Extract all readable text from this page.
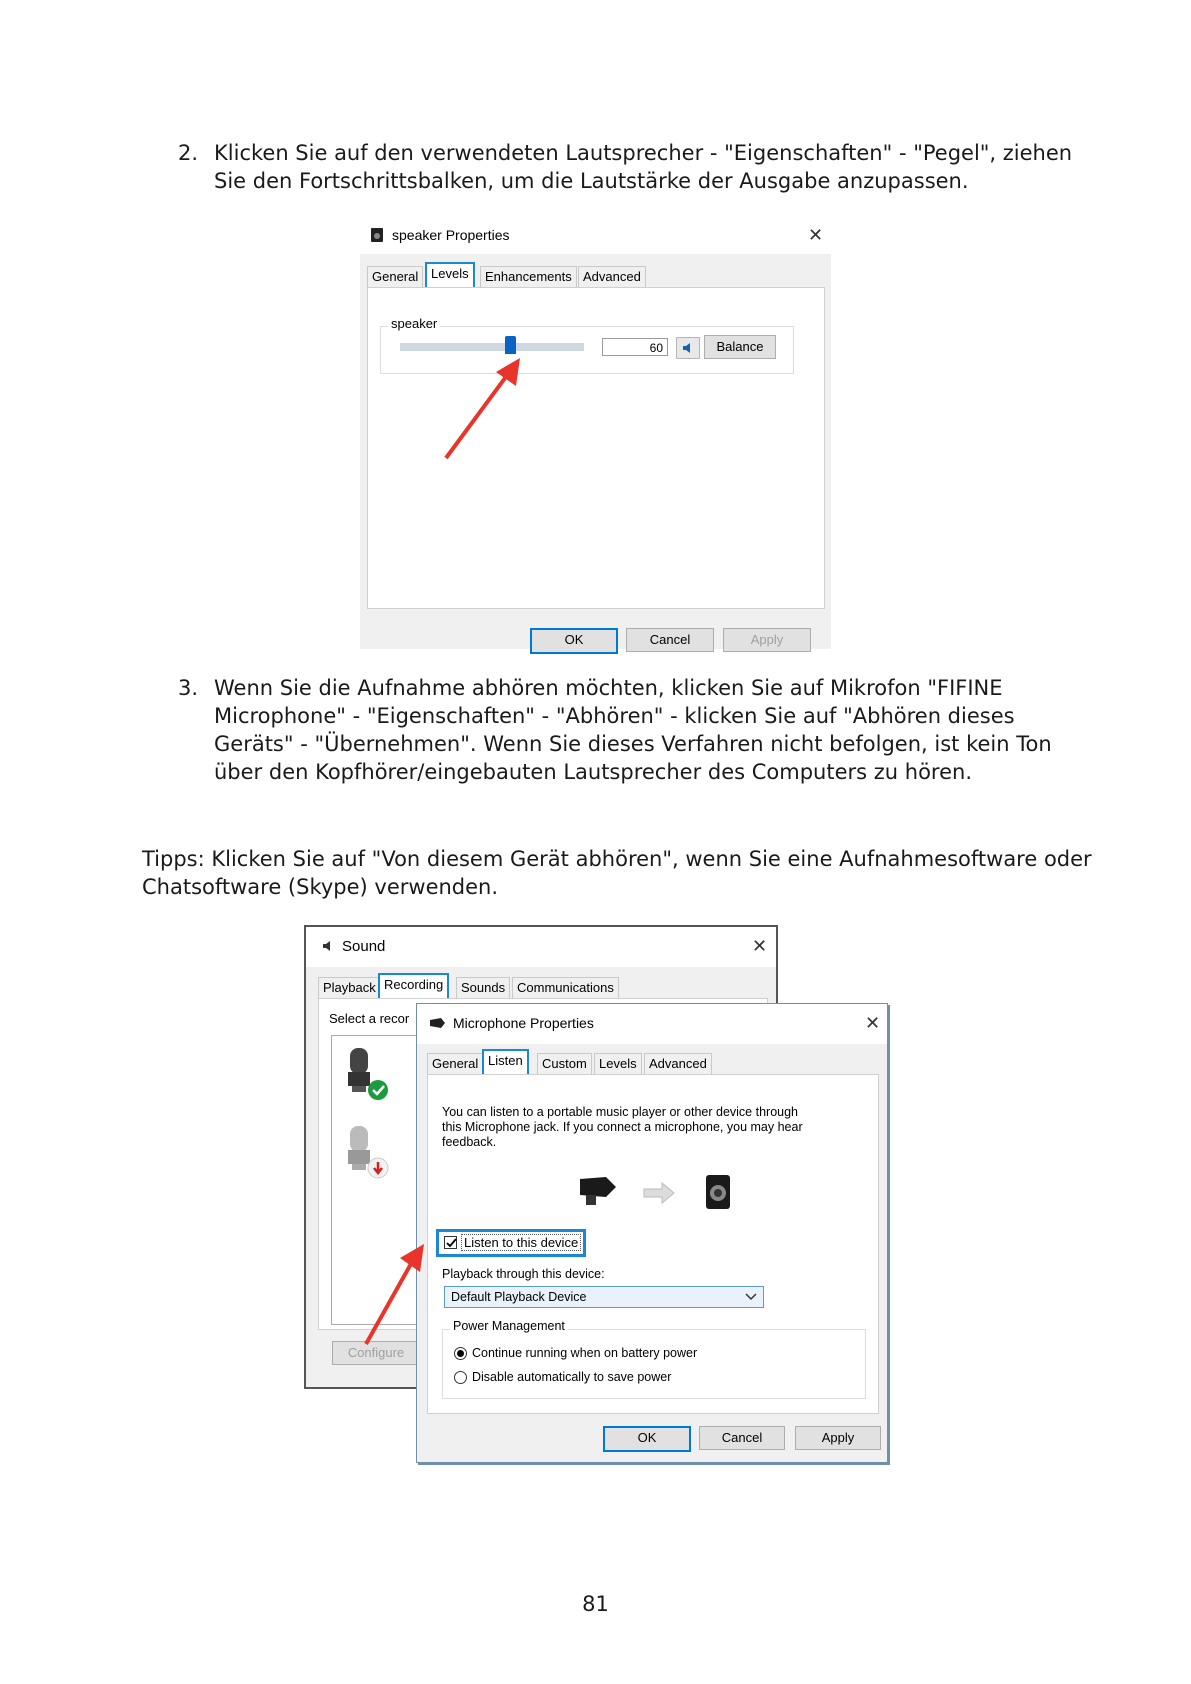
2. Klicken Sie auf den verwendeten Lautsprecher - "Eigenschaften" - "Pegel", ziehen
Sie den Fortschrittsbalken, um die Lautstärke der Ausgabe anzupassen.
speaker Properties	✕
General Levels	Enhancements Advanced
speaker
60	Balance
OK	Cancel	Apply
3. Wenn Sie die Aufnahme abhören möchten, klicken Sie auf Mikrofon "FIFINE
Microphone" - "Eigenschaften" - "Abhören" - klicken Sie auf "Abhören dieses
Geräts" - "Übernehmen". Wenn Sie dieses Verfahren nicht befolgen, ist kein Ton
über den Kopfhörer/eingebauten Lautsprecher des Computers zu hören.
Tipps: Klicken Sie auf "Von diesem Gerät abhören", wenn Sie eine Aufnahmesoftware oder
Chatsoftware (Skype) verwenden.
Sound	✕
Playback Recording	Sounds Communications
Select a recor
Configure
Microphone Properties	✕
General Listen	Custom Levels Advanced
You can listen to a portable music player or other device through
this Microphone jack. If you connect a microphone, you may hear
feedback.
Listen to this device
Playback through this device:
Default Playback Device
Power Management
Continue running when on battery power
Disable automatically to save power
OK	Cancel	Apply
81
